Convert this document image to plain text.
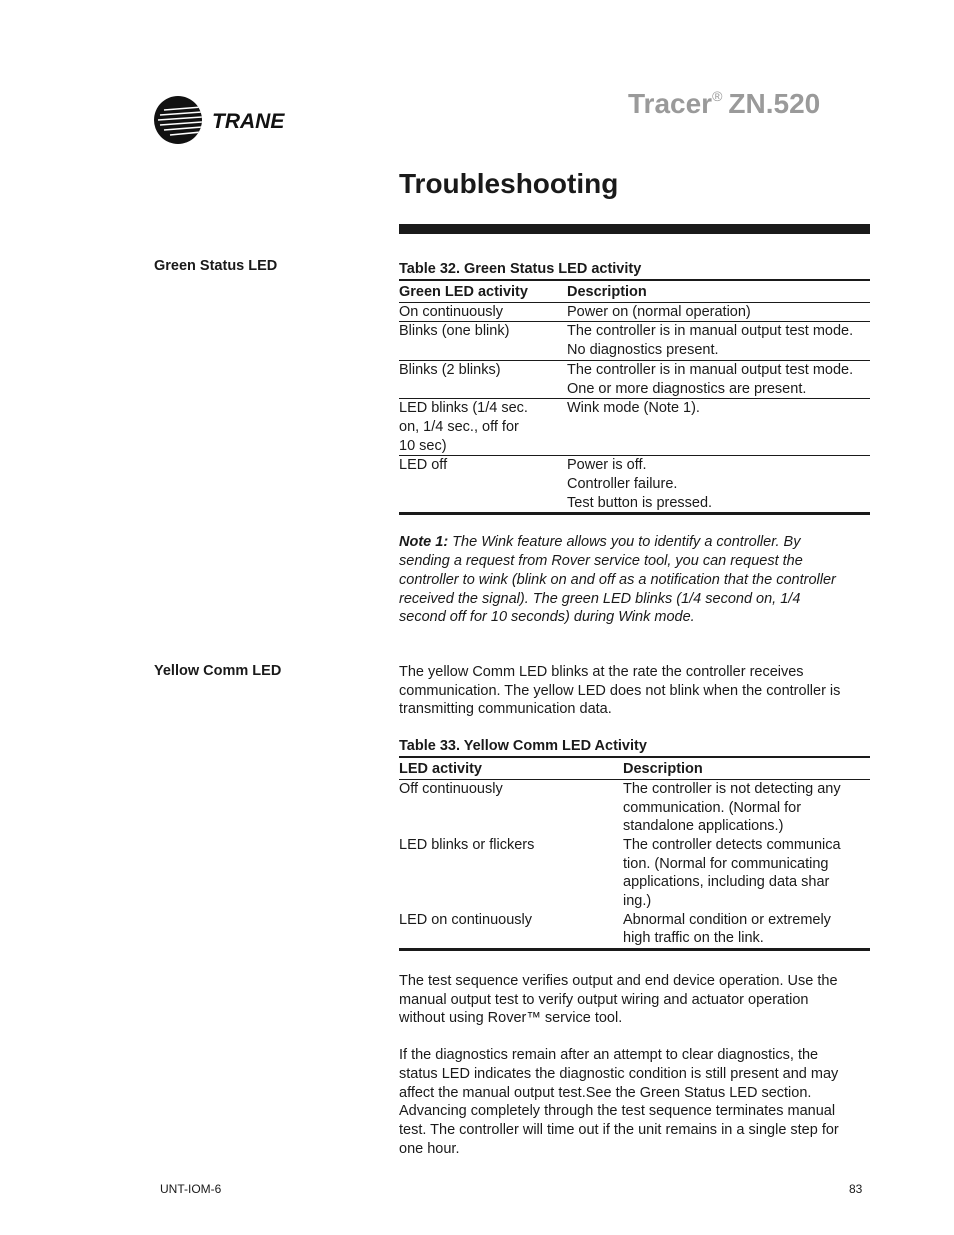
TRANE
Tracer® ZN.520
Troubleshooting
Green Status LED	Table 32. Green Status LED activity
Green LED activity	Description

On continuously	Power on (normal operation)

Blinks (one blink)	The controller is in manual output test mode.
No diagnostics present.

Blinks (2 blinks)	The controller is in manual output test mode.
One or more diagnostics are present.

LED blinks (1/4 sec.
on, 1/4 sec., off for
10 sec)	Wink mode (Note 1).

LED off	Power is off.
Controller failure.
Test button is pressed.

Note 1: The Wink feature allows you to identify a controller. By
sending a request from Rover service tool, you can request the
controller to wink (blink on and off as a notification that the controller
received the signal). The green LED blinks (1/4 second on, 1/4
second off for 10 seconds) during Wink mode.

Yellow Comm LED	The yellow Comm LED blinks at the rate the controller receives
communication. The yellow LED does not blink when the controller is
transmitting communication data.

Table 33. Yellow Comm LED Activity
LED activity	Description

Off continuously	The controller is not detecting any
communication. (Normal for
standalone applications.)

LED blinks or flickers	The controller detects communica
tion. (Normal for communicating
applications, including data shar
ing.)

LED on continuously	Abnormal condition or extremely
high traffic on the link.

The test sequence verifies output and end device operation. Use the
manual output test to verify output wiring and actuator operation
without using Rover™ service tool.

If the diagnostics remain after an attempt to clear diagnostics, the
status LED indicates the diagnostic condition is still present and may
affect the manual output test.See the Green Status LED section.
Advancing completely through the test sequence terminates manual
test. The controller will time out if the unit remains in a single step for
one hour.

UNT-IOM-6	83
